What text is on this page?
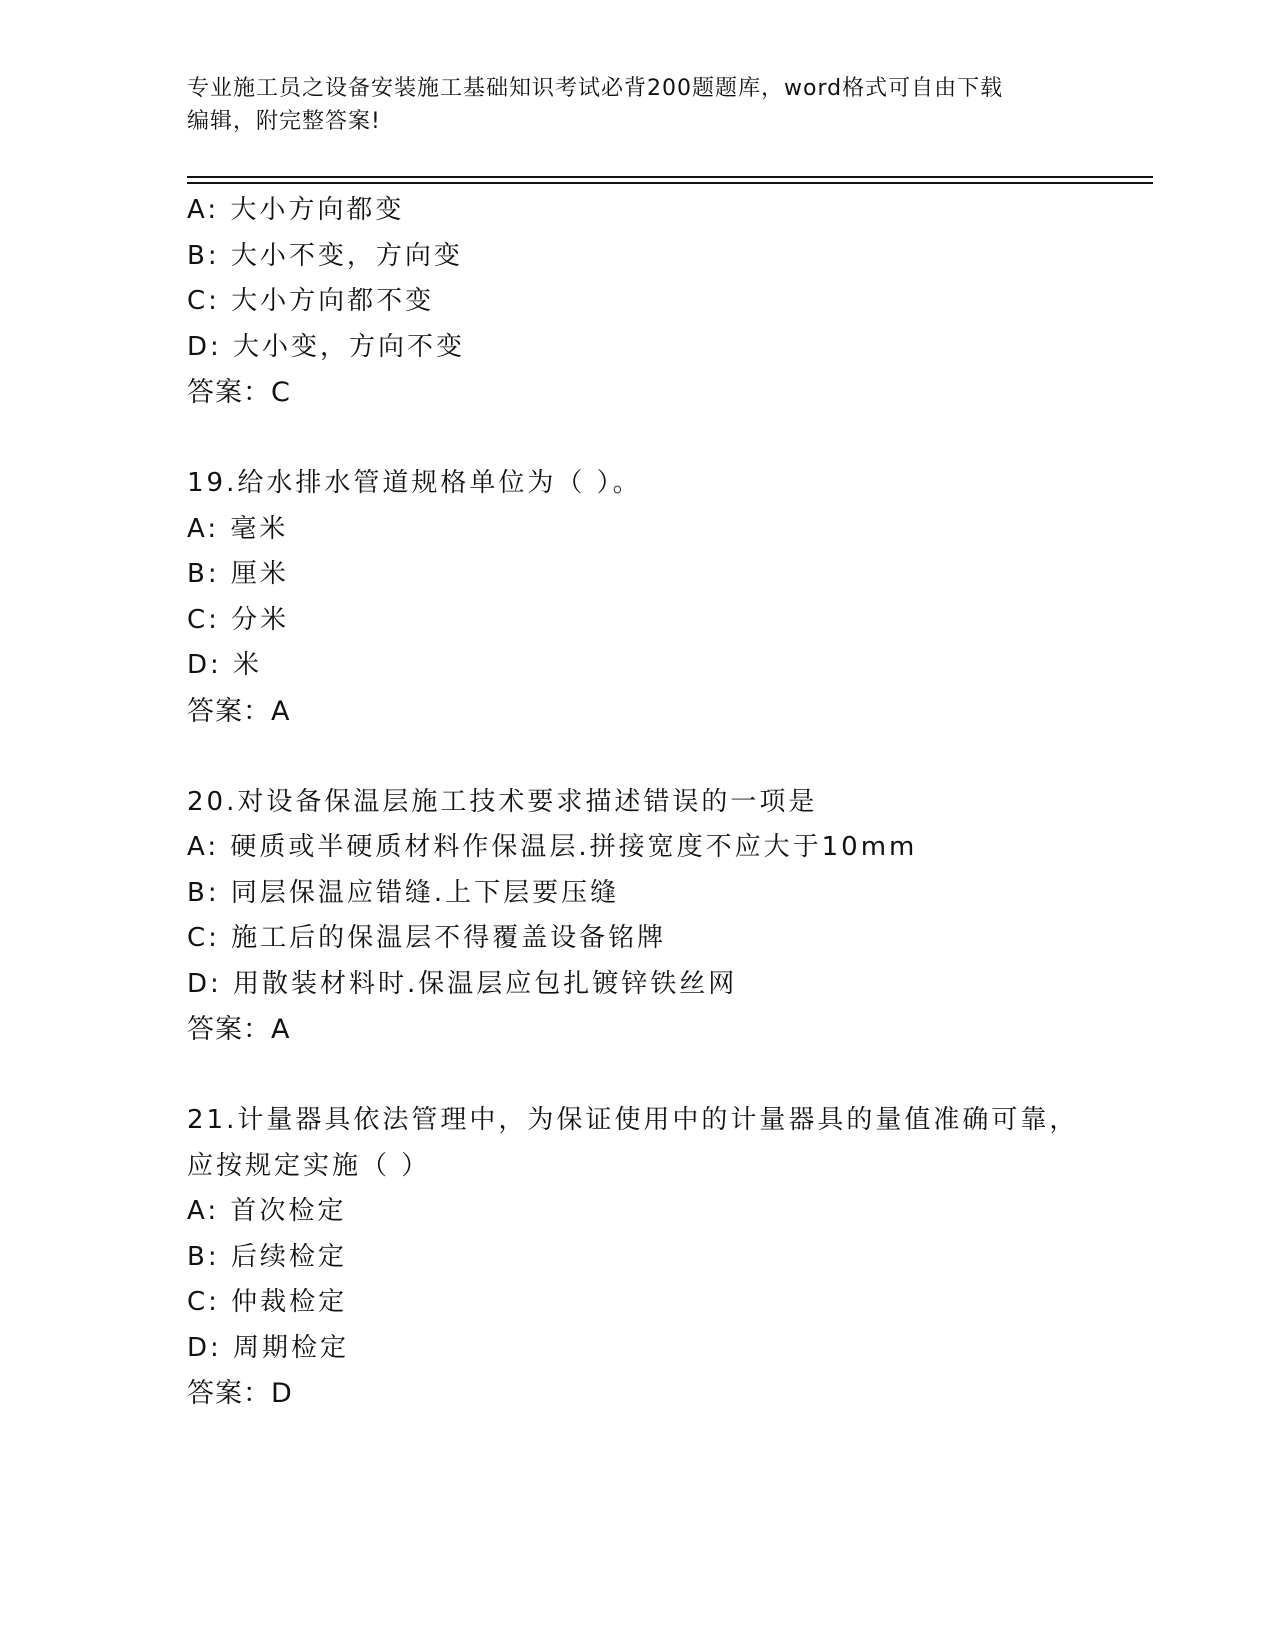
专业施工员之设备安装施工基础知识考试必背200题题库，word格式可自由下载
编辑，附完整答案!
A: 大小方向都变
B: 大小不变，方向变
C: 大小方向都不变
D: 大小变，方向不变
答案：C
19.给水排水管道规格单位为（ ）。
A: 毫米
B: 厘米
C: 分米
D: 米
答案：A
20.对设备保温层施工技术要求描述错误的一项是
A: 硬质或半硬质材料作保温层.拼接宽度不应大于10mm
B: 同层保温应错缝.上下层要压缝
C: 施工后的保温层不得覆盖设备铭牌
D: 用散装材料时.保温层应包扎镀锌铁丝网
答案：A
21.计量器具依法管理中，为保证使用中的计量器具的量值准确可靠，
应按规定实施（ ）
A: 首次检定
B: 后续检定
C: 仲裁检定
D: 周期检定
答案：D
